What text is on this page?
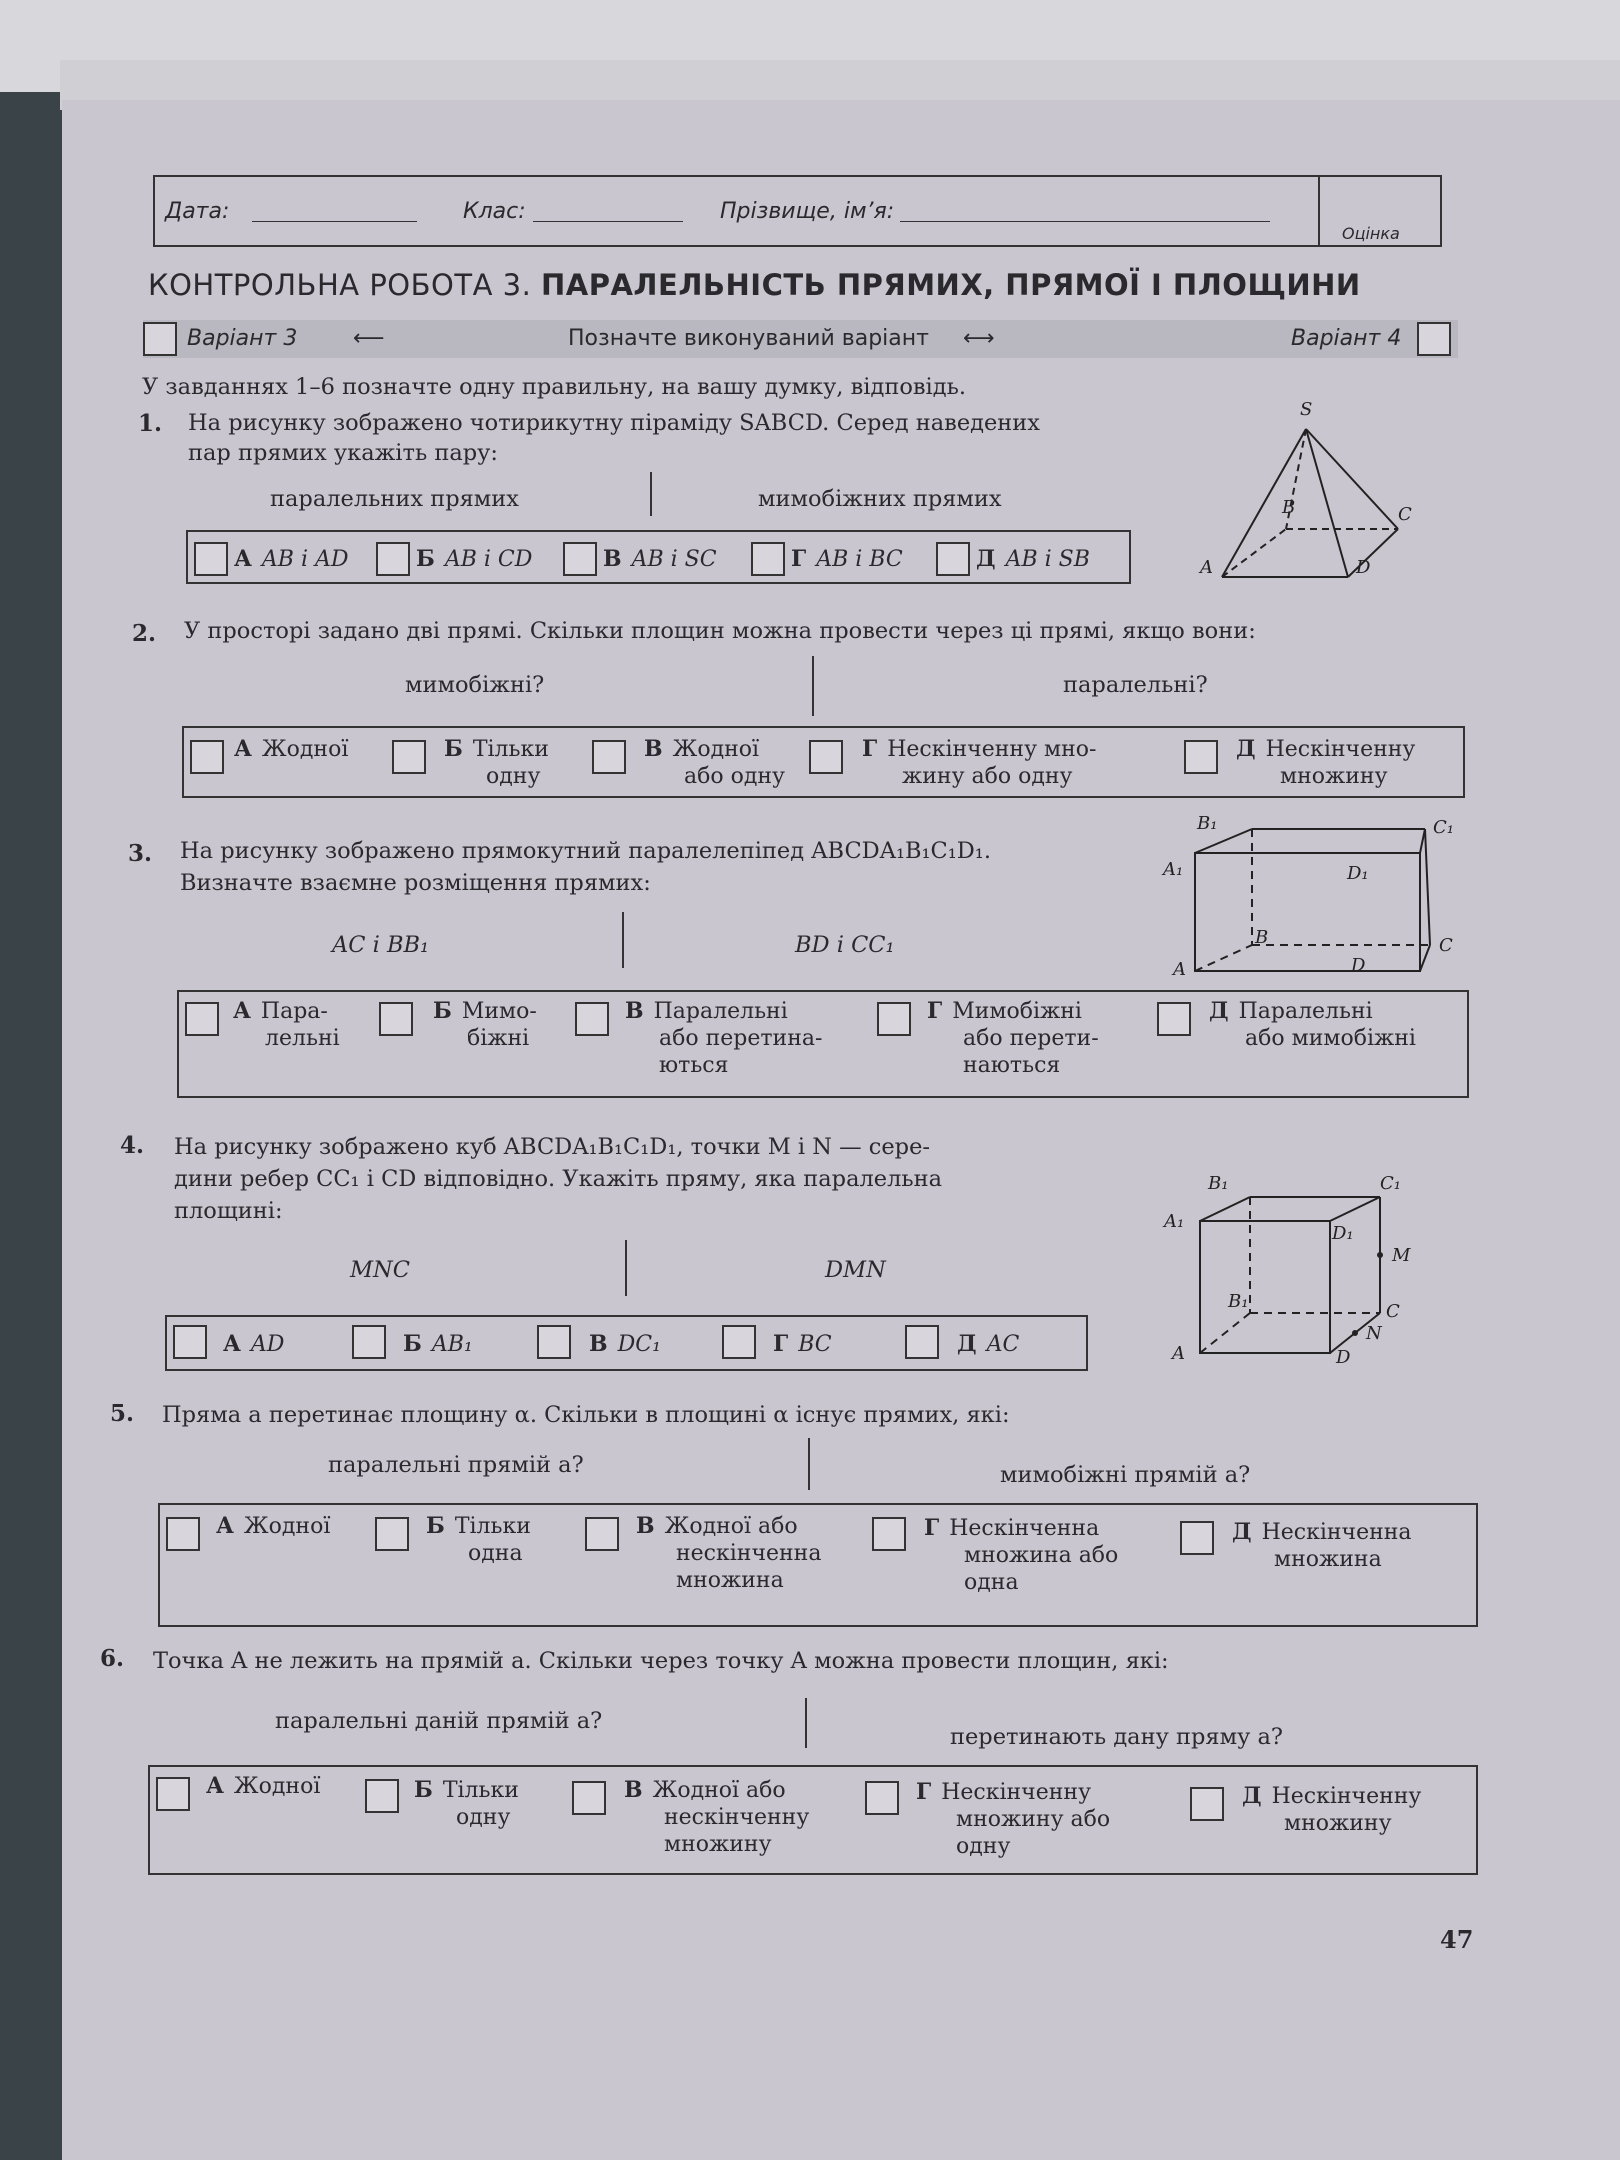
Дата:	Клас:	Прізвище, ім’я:
Оцінка
КОНТРОЛЬНА РОБОТА 3. ПАРАЛЕЛЬНІСТЬ ПРЯМИХ, ПРЯМОЇ І ПЛОЩИНИ
Варіант 3	⟵	Позначте виконуваний варіант ⟷	Варіант 4
У завданнях 1–6 позначте одну правильну, на вашу думку, відповідь.
1. На рисунку зображено чотирикутну піраміду SABCD. Серед наведених
пар прямих укажіть пару:
паралельних прямих	мимобіжних прямих
А AB і AD	Б AB і CD	В AB і SC	Г AB і BC	Д AB і SB
S
B	C
A	D
2. У просторі задано дві прямі. Скільки площин можна провести через ці прямі, якщо вони:
мимобіжні?	паралельні?
А Жодної	Б Тільки
одну
В Жодної
або одну
Г Нескінченну мно-
жину або одну
Д Нескінченну
множину
3. На рисунку зображено прямокутний паралелепіпед ABCDA₁B₁C₁D₁.
Визначте взаємне розміщення прямих:
AC і BB₁	BD і CC₁
А Пара-
лельні
Б Мимо-
біжні
В Паралельні
або перетина-
ються
Г Мимобіжні
або перети-
наються
Д Паралельні
або мимобіжні
B₁	C₁
A₁	D₁
B	C
A	D
4. На рисунку зображено куб ABCDA₁B₁C₁D₁, точки M і N — сере-
дини ребер CC₁ і CD відповідно. Укажіть пряму, яка паралельна
площині:
MNC	DMN
А AD	Б AB₁	В DC₁	Г BC	Д AC
B₁	C₁
A₁
D₁
M
B₁	C
N
A	D
5. Пряма a перетинає площину α. Скільки в площині α існує прямих, які:
паралельні прямій a?	мимобіжні прямій a?
А Жодної	Б Тільки
одна
В Жодної або
нескінченна
множина
Г Нескінченна
множина або
одна
Д Нескінченна
множина
6. Точка A не лежить на прямій a. Скільки через точку A можна провести площин, які:
паралельні даній прямій a?
перетинають дану пряму a?
А Жодної	Б Тільки
одну
В Жодної або
нескінченну
множину
Г Нескінченну
множину або
одну
Д Нескінченну
множину
47
